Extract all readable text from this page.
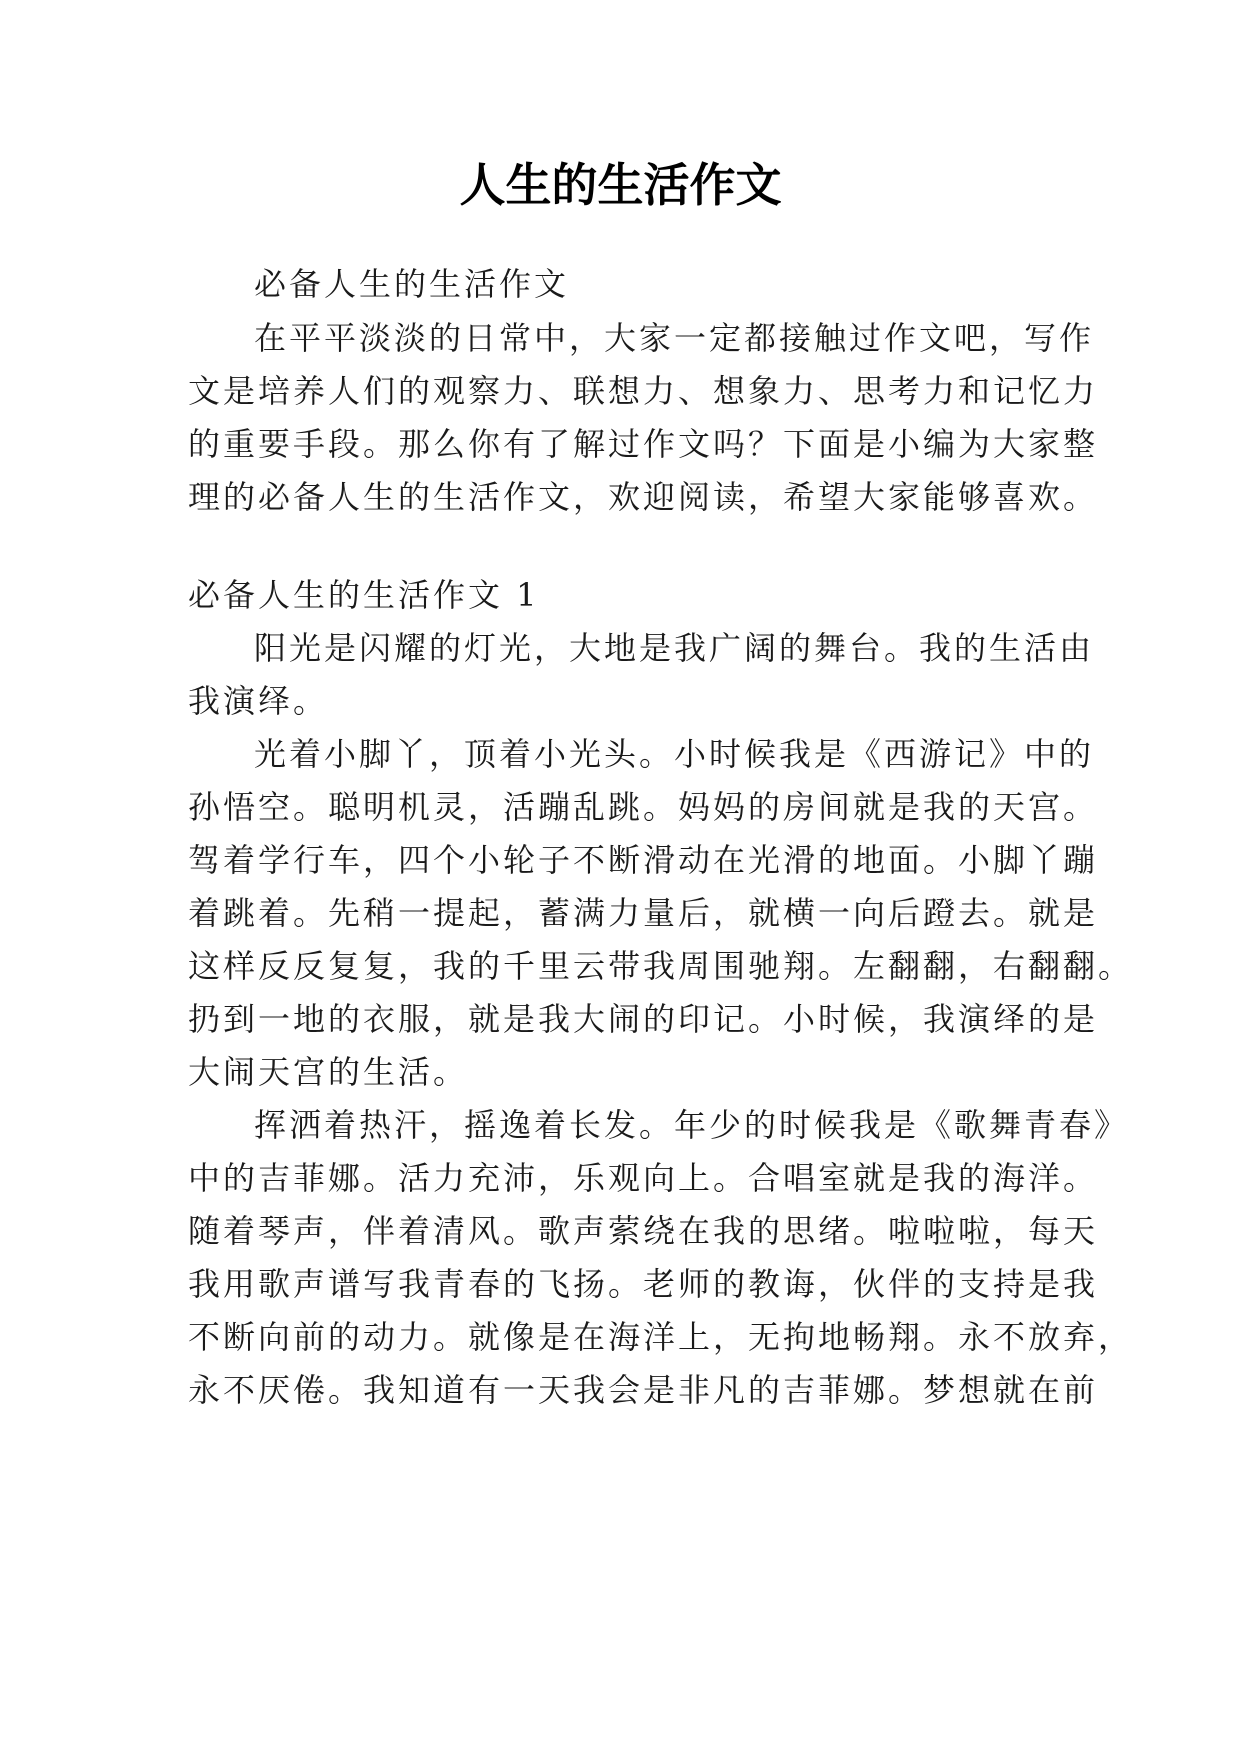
人生的生活作文
必备人生的生活作文
在平平淡淡的日常中，大家一定都接触过作文吧，写作
文是培养人们的观察力、联想力、想象力、思考力和记忆力
的重要手段。那么你有了解过作文吗？下面是小编为大家整
理的必备人生的生活作文，欢迎阅读，希望大家能够喜欢。
必备人生的生活作文 1
阳光是闪耀的灯光，大地是我广阔的舞台。我的生活由
我演绎。
光着小脚丫，顶着小光头。小时候我是《西游记》中的
孙悟空。聪明机灵，活蹦乱跳。妈妈的房间就是我的天宫。
驾着学行车，四个小轮子不断滑动在光滑的地面。小脚丫蹦
着跳着。先稍一提起，蓄满力量后，就横一向后蹬去。就是
这样反反复复，我的千里云带我周围驰翔。左翻翻，右翻翻。
扔到一地的衣服，就是我大闹的印记。小时候，我演绎的是
大闹天宫的生活。
挥洒着热汗，摇逸着长发。年少的时候我是《歌舞青春》
中的吉菲娜。活力充沛，乐观向上。合唱室就是我的海洋。
随着琴声，伴着清风。歌声萦绕在我的思绪。啦啦啦，每天
我用歌声谱写我青春的飞扬。老师的教诲，伙伴的支持是我
不断向前的动力。就像是在海洋上，无拘地畅翔。永不放弃，
永不厌倦。我知道有一天我会是非凡的吉菲娜。梦想就在前
